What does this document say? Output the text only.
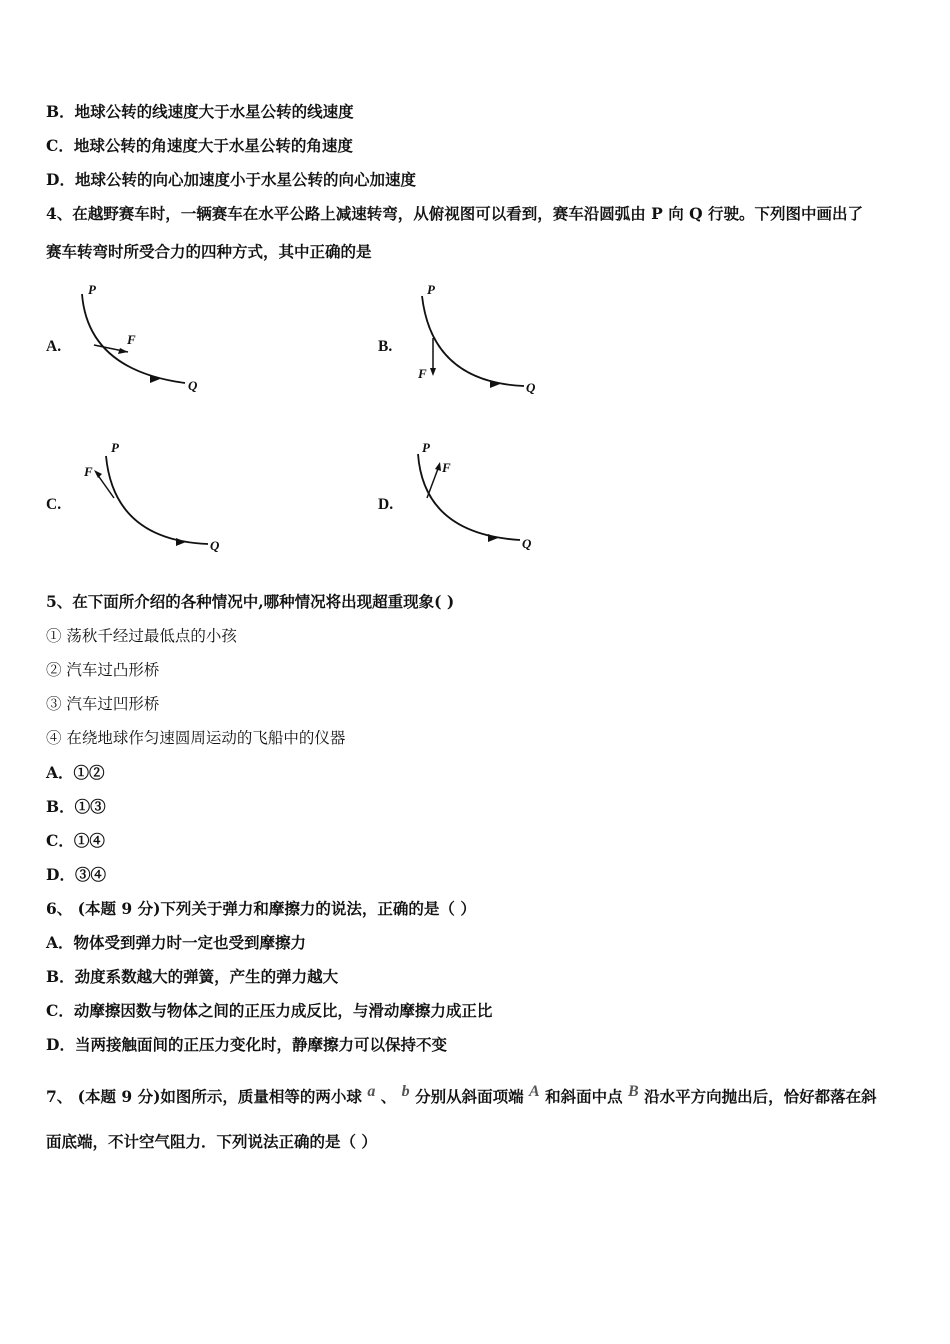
B．地球公转的线速度大于水星公转的线速度
C．地球公转的角速度大于水星公转的角速度
D．地球公转的向心加速度小于水星公转的向心加速度
4、在越野赛车时，一辆赛车在水平公路上减速转弯，从俯视图可以看到，赛车沿圆弧由 P 向 Q 行驶。下列图中画出了
赛车转弯时所受合力的四种方式，其中正确的是
A.
P
Q
F	B.
P
Q
F
C.
P
Q
F
D.
P
Q
F
5、在下面所介绍的各种情况中,哪种情况将出现超重现象( )
① 荡秋千经过最低点的小孩
② 汽车过凸形桥
③ 汽车过凹形桥
④ 在绕地球作匀速圆周运动的飞船中的仪器
A．①②
B．①③
C．①④
D．③④
6、 (本题 9 分)下列关于弹力和摩擦力的说法，正确的是（ ）
A．物体受到弹力时一定也受到摩擦力
B．劲度系数越大的弹簧，产生的弹力越大
C．动摩擦因数与物体之间的正压力成反比，与滑动摩擦力成正比
D．当两接触面间的正压力变化时，静摩擦力可以保持不变
7、 (本题 9 分)如图所示，质量相等的两小球 a 、 b 分别从斜面项端 A 和斜面中点 B 沿水平方向抛出后，恰好都落在斜
面底端，不计空气阻力．下列说法正确的是（ ）
